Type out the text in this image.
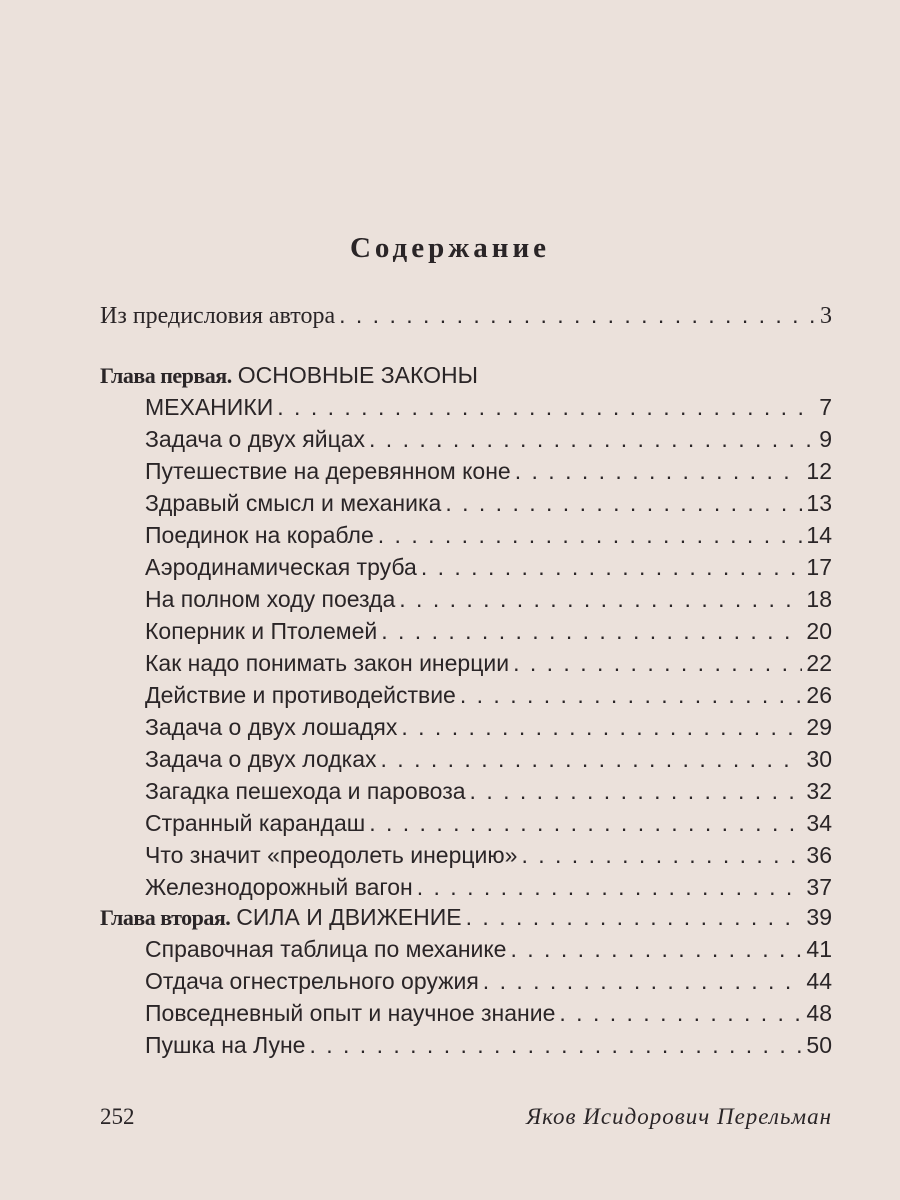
Содержание
Из предисловия автора . . .	3
Глава первая. ОСНОВНЫЕ ЗАКОНЫ
МЕХАНИКИ . . .	7
Задача о двух яйцах . . .	9
Путешествие на деревянном коне . . .	12
Здравый смысл и механика . . .	13
Поединок на корабле . . .	14
Аэродинамическая труба . . .	17
На полном ходу поезда . . .	18
Коперник и Птолемей . . .	20
Как надо понимать закон инерции . . .	22
Действие и противодействие . . .	26
Задача о двух лошадях . . .	29
Задача о двух лодках . . .	30
Загадка пешехода и паровоза . . .	32
Странный карандаш . . .	34
Что значит «преодолеть инерцию» . . .	36
Железнодорожный вагон . . .	37
Глава вторая. СИЛА И ДВИЖЕНИЕ . . .	39
Справочная таблица по механике . . .	41
Отдача огнестрельного оружия . . .	44
Повседневный опыт и научное знание . . .	48
Пушка на Луне . . .	50
252	Яков Исидорович Перельман
